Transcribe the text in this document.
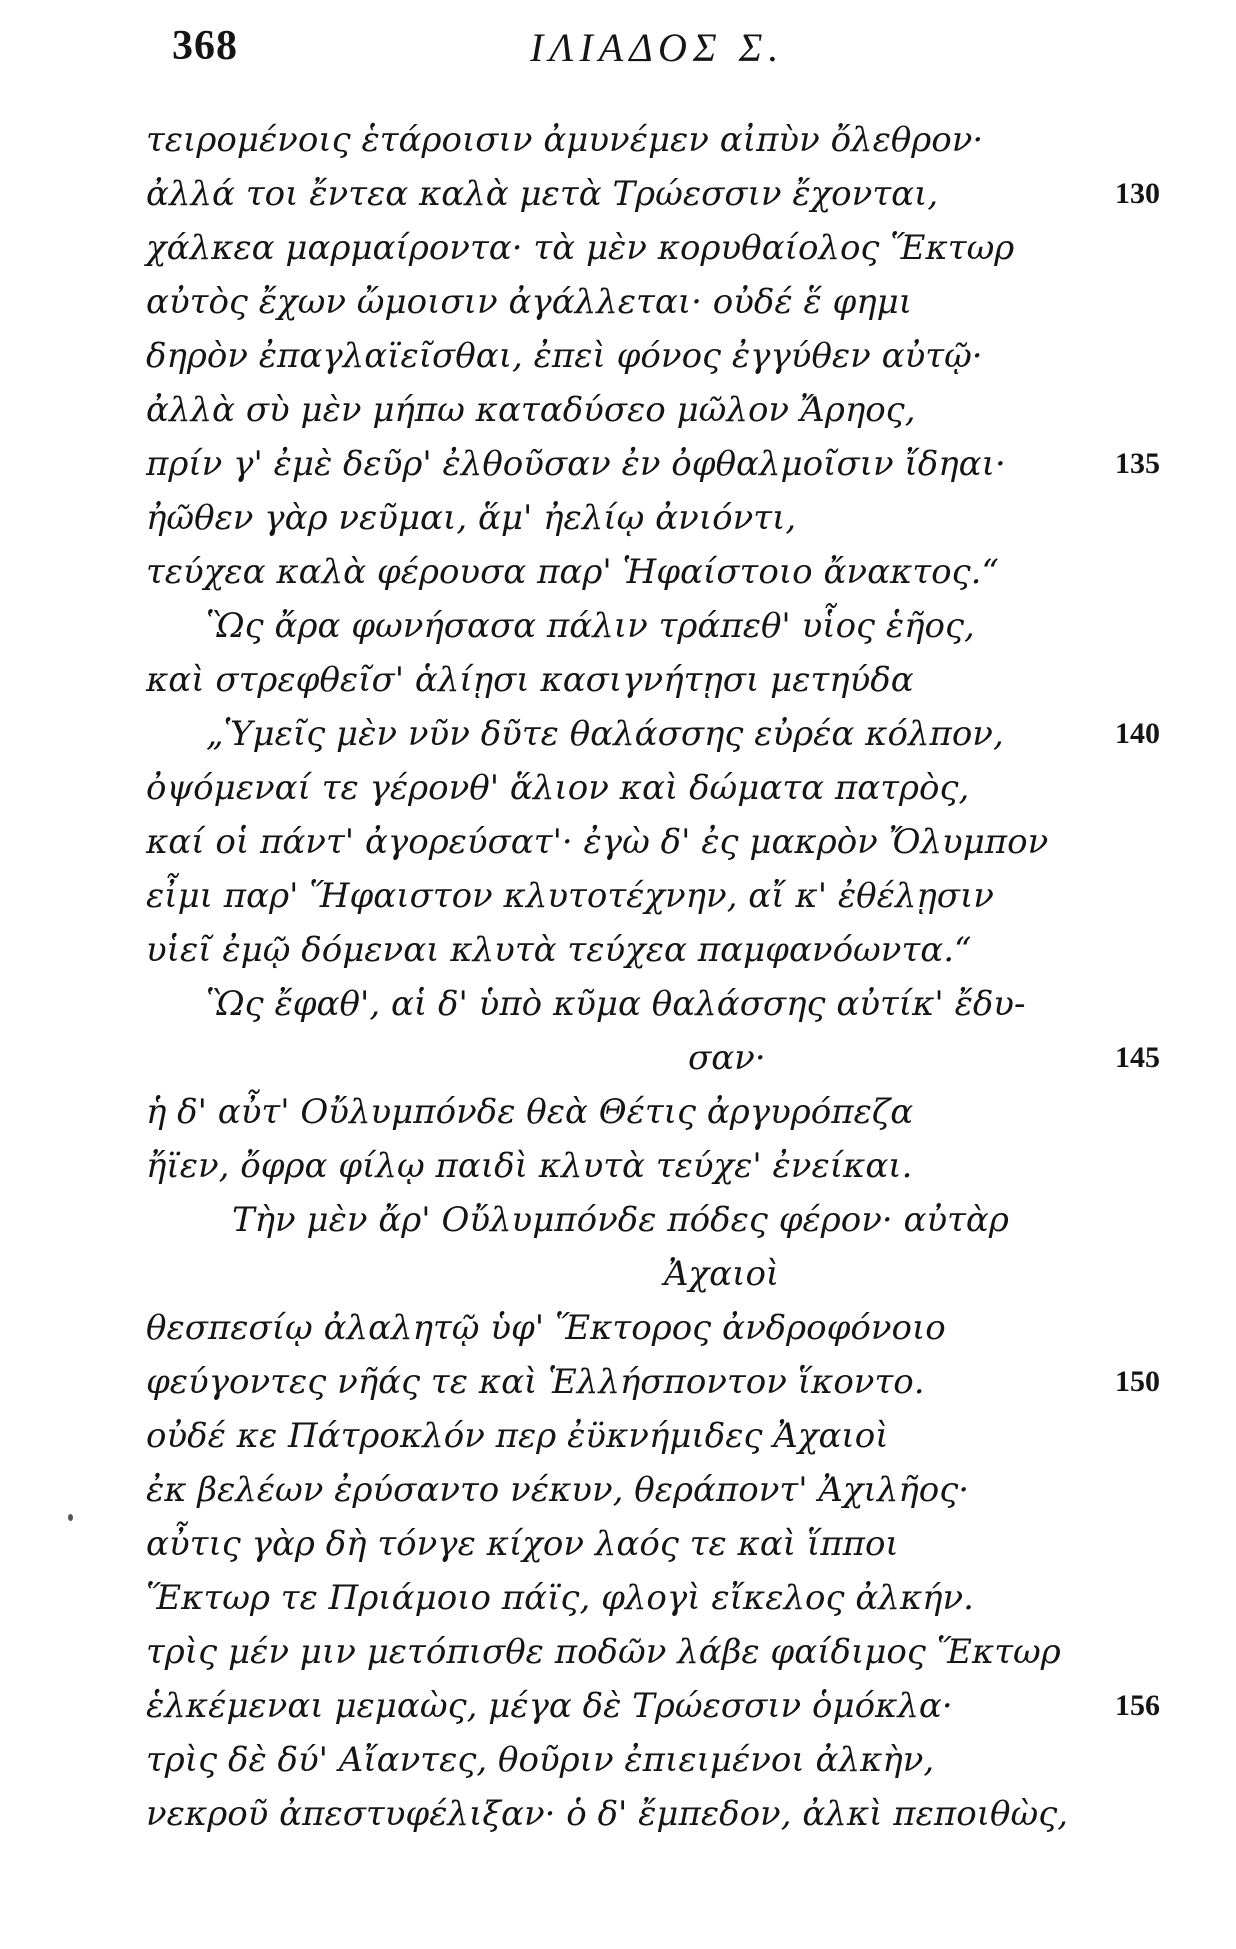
368	ΙΛΙΑΔΟΣ Σ.
τειρομένοις ἑτάροισιν ἀμυνέμεν αἰπὺν ὄλεθρον·
ἀλλά τοι ἔντεα καλὰ μετὰ Τρώεσσιν ἔχονται,	130
χάλκεα μαρμαίροντα· τὰ μὲν κορυθαίολος Ἕκτωρ
αὐτὸς ἔχων ὤμοισιν ἀγάλλεται· οὐδέ ἕ φημι
δηρὸν ἐπαγλαϊεῖσθαι, ἐπεὶ φόνος ἐγγύθεν αὐτῷ·
ἀλλὰ σὺ μὲν μήπω καταδύσεο μῶλον Ἄρηος,
πρίν γ' ἐμὲ δεῦρ' ἐλθοῦσαν ἐν ὀφθαλμοῖσιν ἴδηαι·	135
ἠῶθεν γὰρ νεῦμαι, ἅμ' ἠελίῳ ἀνιόντι,
τεύχεα καλὰ φέρουσα παρ' Ἡφαίστοιο ἄνακτος.“
Ὣς ἄρα φωνήσασα πάλιν τράπεθ' υἷος ἑῆος,
καὶ στρεφθεῖσ' ἁλίῃσι κασιγνήτῃσι μετηύδα
„Ὑμεῖς μὲν νῦν δῦτε θαλάσσης εὐρέα κόλπον,	140
ὀψόμεναί τε γέρονθ' ἅλιον καὶ δώματα πατρὸς,
καί οἱ πάντ' ἀγορεύσατ'· ἐγὼ δ' ἐς μακρὸν Ὄλυμπον
εἶμι παρ' Ἥφαιστον κλυτοτέχνην, αἴ κ' ἐθέλῃσιν
υἱεῖ ἐμῷ δόμεναι κλυτὰ τεύχεα παμφανόωντα.“
Ὣς ἔφαθ', αἱ δ' ὑπὸ κῦμα θαλάσσης αὐτίκ' ἔδυ-
σαν·	145
ἡ δ' αὖτ' Οὔλυμπόνδε θεὰ Θέτις ἀργυρόπεζα
ἤϊεν, ὄφρα φίλῳ παιδὶ κλυτὰ τεύχε' ἐνείκαι.
Τὴν μὲν ἄρ' Οὔλυμπόνδε πόδες φέρον· αὐτὰρ
Ἀχαιοὶ
θεσπεσίῳ ἀλαλητῷ ὑφ' Ἕκτορος ἀνδροφόνοιο
φεύγοντες νῆάς τε καὶ Ἑλλήσποντον ἵκοντο.	150
οὐδέ κε Πάτροκλόν περ ἐϋκνήμιδες Ἀχαιοὶ
ἐκ βελέων ἐρύσαντο νέκυν, θεράποντ' Ἀχιλῆος·
αὖτις γὰρ δὴ τόνγε κίχον λαός τε καὶ ἵπποι
Ἕκτωρ τε Πριάμοιο πάϊς, φλογὶ εἴκελος ἀλκήν.
τρὶς μέν μιν μετόπισθε ποδῶν λάβε φαίδιμος Ἕκτωρ
ἑλκέμεναι μεμαὼς, μέγα δὲ Τρώεσσιν ὁμόκλα·	156
τρὶς δὲ δύ' Αἴαντες, θοῦριν ἐπιειμένοι ἀλκὴν,
νεκροῦ ἀπεστυφέλιξαν· ὁ δ' ἔμπεδον, ἀλκὶ πεποιθὼς,
